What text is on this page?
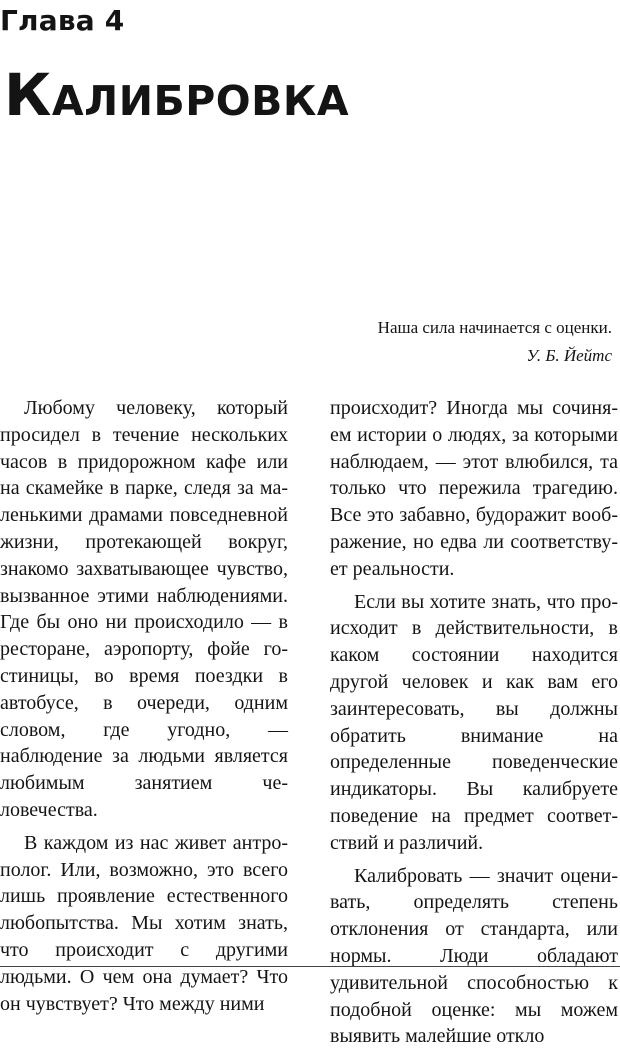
Глава 4
Калибровка
Наша сила начинается с оценки.
У. Б. Йейтс

Любому человеку, который просидел в течение нескольких часов в придорожном кафе или на скамейке в парке, следя за маленькими драмами повседневной жизни, протекающей вокруг, знакомо захватывающее чувство, вызванное этими наблюдениями. Где бы оно ни происходило — в ресторане, аэропорту, фойе гостиницы, во время поездки в автобусе, в очереди, одним словом, где угодно, — наблюдение за людьми является любимым занятием человечества.

В каждом из нас живет антрополог. Или, возможно, это всего лишь проявление естественного любопытства. Мы хотим знать, что происходит с другими людьми. О чем она думает? Что он чувствует? Что между ними

происходит? Иногда мы сочиняем истории о людях, за которыми наблюдаем, — этот влюбился, та только что пережила трагедию. Все это забавно, будоражит воображение, но едва ли соответствует реальности.

Если вы хотите знать, что происходит в действительности, в каком состоянии находится другой человек и как вам его заинтересовать, вы должны обратить внимание на определенные поведенческие индикаторы. Вы калибруете поведение на предмет соответствий и различий.

Калибровать — значит оценивать, определять степень отклонения от стандарта, или нормы. Люди обладают удивительной способностью к подобной оценке: мы можем выявить малейшие откло
